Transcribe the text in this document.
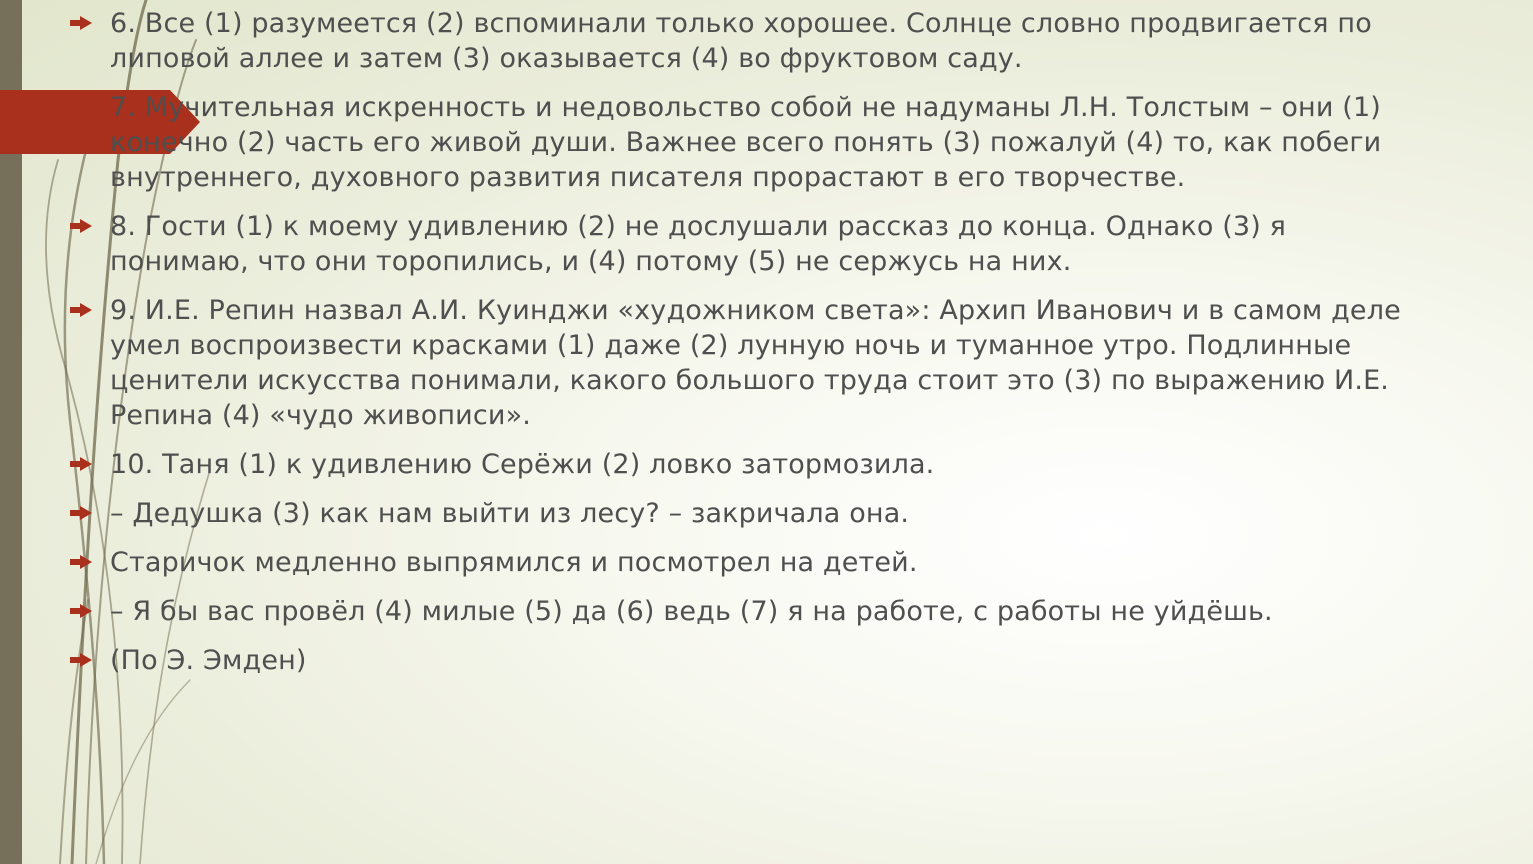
6. Все (1) разумеется (2) вспоминали только хорошее. Солнце словно продвигается по
липовой аллее и затем (3) оказывается (4) во фруктовом саду.
7. Мучительная искренность и недовольство собой не надуманы Л.Н. Толстым – они (1)
конечно (2) часть его живой души. Важнее всего понять (3) пожалуй (4) то, как побеги
внутреннего, духовного развития писателя прорастают в его творчестве.
8. Гости (1) к моему удивлению (2) не дослушали рассказ до конца. Однако (3) я
понимаю, что они торопились, и (4) потому (5) не сержусь на них.
9. И.Е. Репин назвал А.И. Куинджи «художником света»: Архип Иванович и в самом деле
умел воспроизвести красками (1) даже (2) лунную ночь и туманное утро. Подлинные
ценители искусства понимали, какого большого труда стоит это (3) по выражению И.Е.
Репина (4) «чудо живописи».
10. Таня (1) к удивлению Серёжи (2) ловко затормозила.
– Дедушка (3) как нам выйти из лесу? – закричала она.
Старичок медленно выпрямился и посмотрел на детей.
– Я бы вас провёл (4) милые (5) да (6) ведь (7) я на работе, с работы не уйдёшь.
(По Э. Эмден)
